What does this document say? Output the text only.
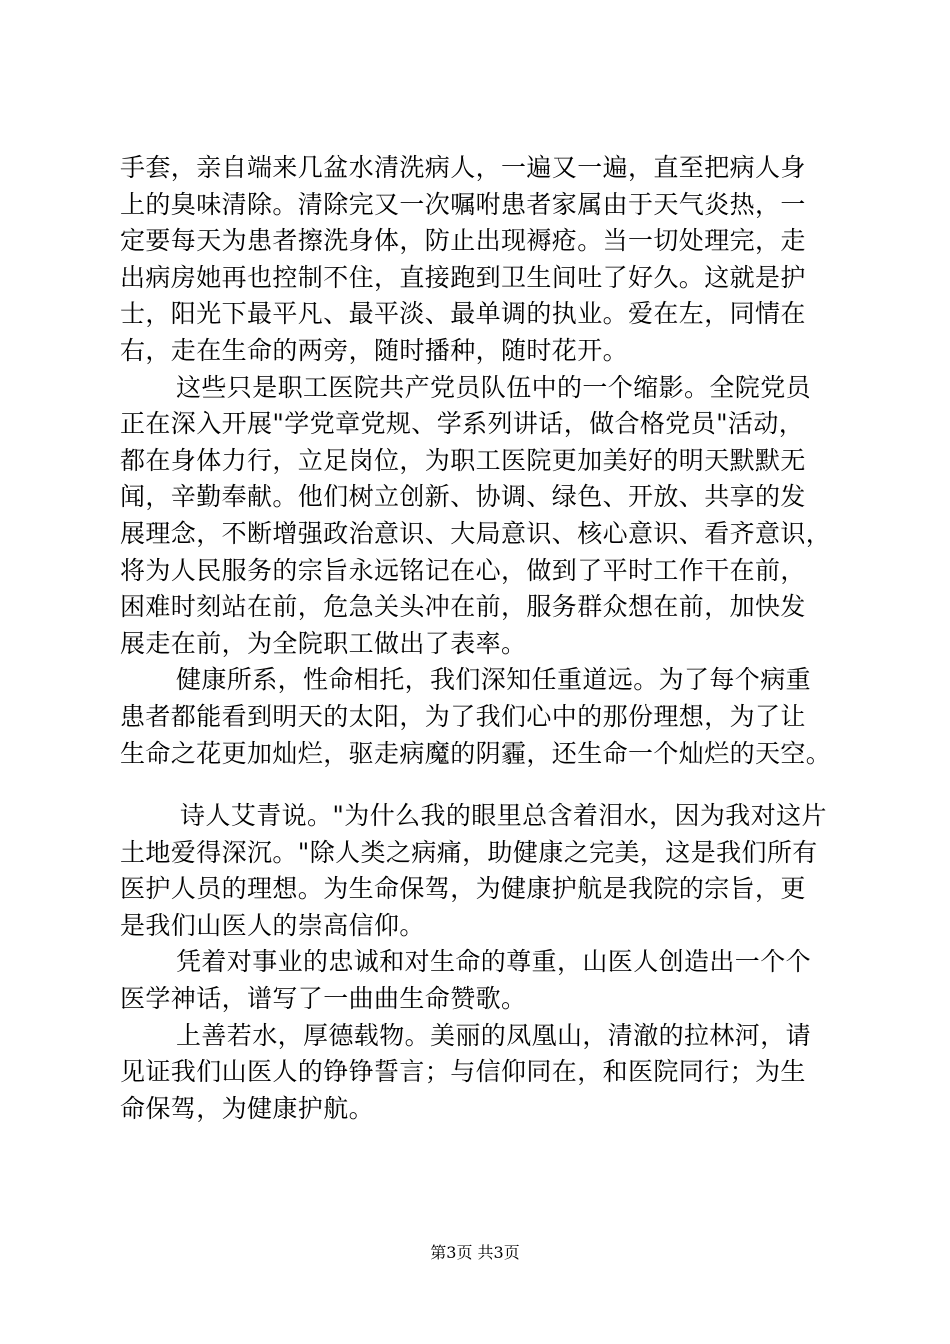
手套，亲自端来几盆水清洗病人，一遍又一遍，直至把病人身
上的臭味清除。清除完又一次嘱咐患者家属由于天气炎热，一
定要每天为患者擦洗身体，防止出现褥疮。当一切处理完，走
出病房她再也控制不住，直接跑到卫生间吐了好久。这就是护
士，阳光下最平凡、最平淡、最单调的执业。爱在左，同情在
右，走在生命的两旁，随时播种，随时花开。
这些只是职工医院共产党员队伍中的一个缩影。全院党员
正在深入开展"学党章党规、学系列讲话，做合格党员"活动，
都在身体力行，立足岗位，为职工医院更加美好的明天默默无
闻，辛勤奉献。他们树立创新、协调、绿色、开放、共享的发
展理念，不断增强政治意识、大局意识、核心意识、看齐意识，
将为人民服务的宗旨永远铭记在心，做到了平时工作干在前，
困难时刻站在前，危急关头冲在前，服务群众想在前，加快发
展走在前，为全院职工做出了表率。
健康所系，性命相托，我们深知任重道远。为了每个病重
患者都能看到明天的太阳，为了我们心中的那份理想，为了让
生命之花更加灿烂，驱走病魔的阴霾，还生命一个灿烂的天空。
诗人艾青说。"为什么我的眼里总含着泪水，因为我对这片
土地爱得深沉。"除人类之病痛，助健康之完美，这是我们所有
医护人员的理想。为生命保驾，为健康护航是我院的宗旨，更
是我们山医人的崇高信仰。
凭着对事业的忠诚和对生命的尊重，山医人创造出一个个
医学神话，谱写了一曲曲生命赞歌。
上善若水，厚德载物。美丽的凤凰山，清澈的拉林河，请
见证我们山医人的铮铮誓言；与信仰同在，和医院同行；为生
命保驾，为健康护航。
第3页 共3页
